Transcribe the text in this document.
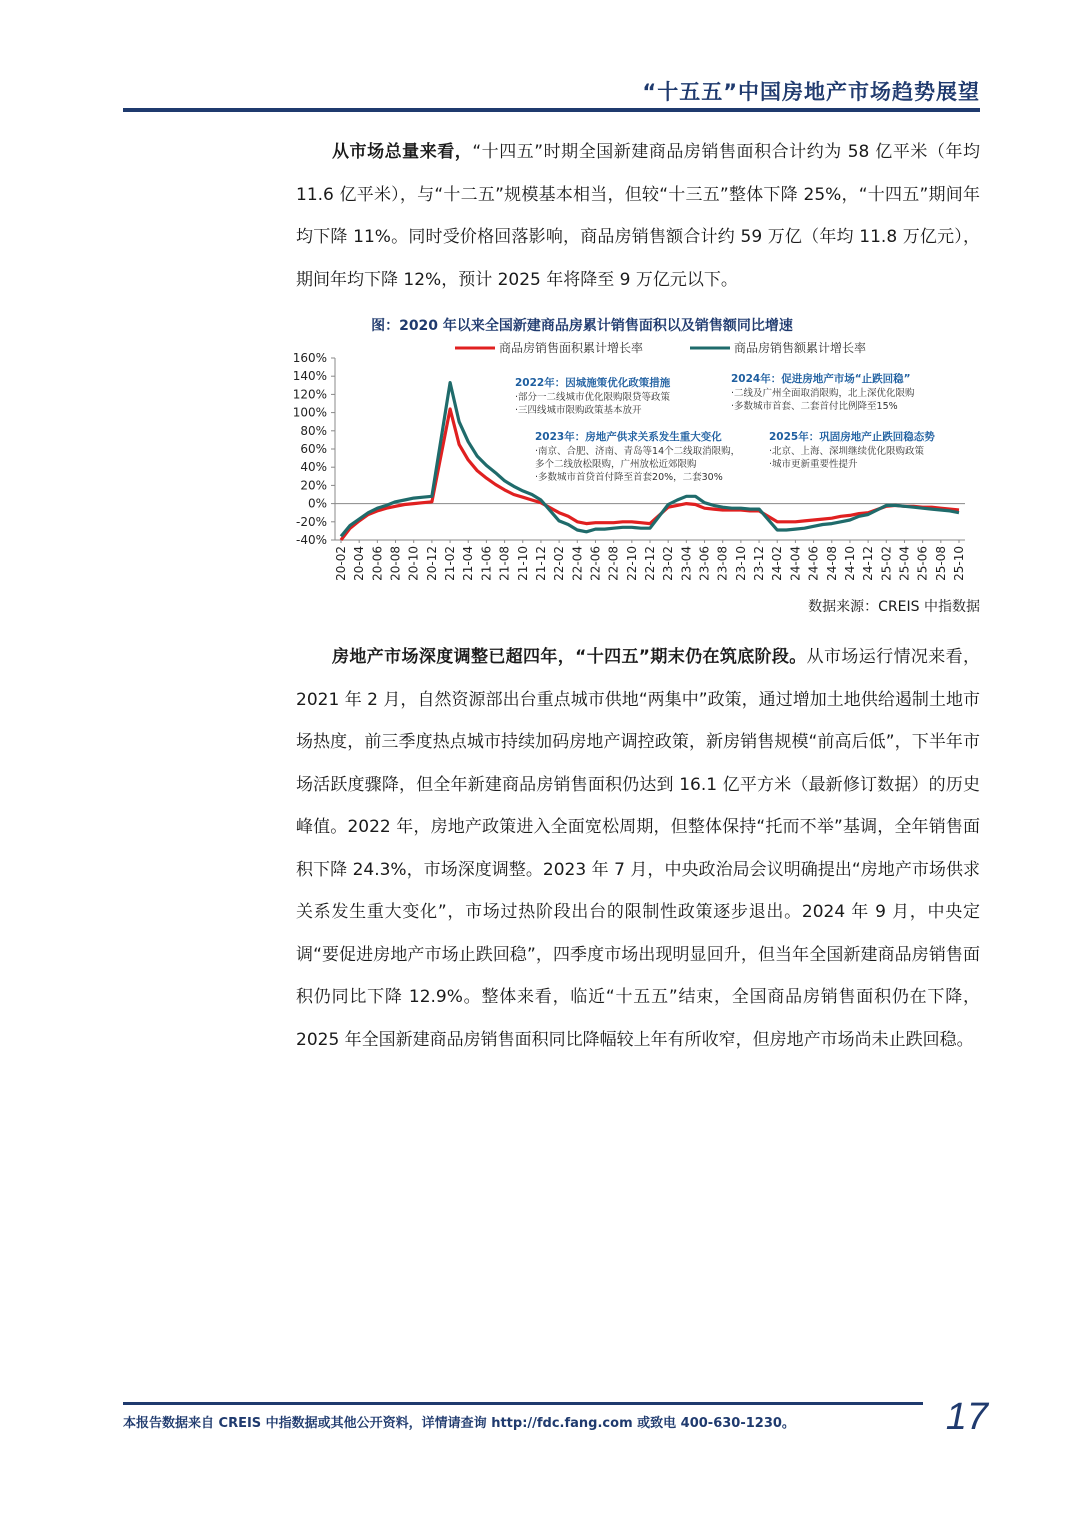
“十五五”中国房地产市场趋势展望
从市场总量来看，“十四五”时期全国新建商品房销售面积合计约为 58 亿平米（年均 11.6 亿平米），与“十二五”规模基本相当，但较“十三五”整体下降 25%，“十四五”期间年均下降 11%。同时受价格回落影响，商品房销售额合计约 59 万亿（年均 11.8 万亿元），期间年均下降 12%，预计 2025 年将降至 9 万亿元以下。
图：2020 年以来全国新建商品房累计销售面积以及销售额同比增速
商品房销售面积累计增长率	商品房销售额累计增长率
160%
140%
120%
100%
80%
60%
40%
20%
0%
-20%
-40%
2022年：因城施策优化政策措施
·部分一二线城市优化限购限贷等政策
·三四线城市限购政策基本放开
2023年：房地产供求关系发生重大变化
·南京、合肥、济南、青岛等14个二线取消限购，
多个二线放松限购，广州放松近郊限购
·多数城市首贷首付降至首套20%，二套30%
2024年：促进房地产市场“止跌回稳”
·二线及广州全面取消限购，北上深优化限购
·多数城市首套、二套首付比例降至15%
2025年：巩固房地产止跌回稳态势
·北京、上海、深圳继续优化限购政策
·城市更新重要性提升
20-02 20-04 20-06 20-08 20-10 20-12 21-02 21-04 21-06 21-08 21-10 21-12 22-02 22-04 22-06 22-08 22-10 22-12 23-02 23-04 23-06 23-08 23-10 23-12 24-02 24-04 24-06 24-08 24-10 24-12 25-02 25-04 25-06 25-08 25-10
数据来源：CREIS 中指数据
房地产市场深度调整已超四年，“十四五”期末仍在筑底阶段。从市场运行情况来看，2021 年 2 月，自然资源部出台重点城市供地“两集中”政策，通过增加土地供给遏制土地市场热度，前三季度热点城市持续加码房地产调控政策，新房销售规模“前高后低”，下半年市场活跃度骤降，但全年新建商品房销售面积仍达到 16.1 亿平方米（最新修订数据）的历史峰值。2022 年，房地产政策进入全面宽松周期，但整体保持“托而不举”基调，全年销售面积下降 24.3%，市场深度调整。2023 年 7 月，中央政治局会议明确提出“房地产市场供求关系发生重大变化”，市场过热阶段出台的限制性政策逐步退出。2024 年 9 月，中央定调“要促进房地产市场止跌回稳”，四季度市场出现明显回升，但当年全国新建商品房销售面积仍同比下降 12.9%。整体来看，临近“十五五”结束，全国商品房销售面积仍在下降，2025 年全国新建商品房销售面积同比降幅较上年有所收窄，但房地产市场尚未止跌回稳。
本报告数据来自 CREIS 中指数据或其他公开资料，详情请查询 http://fdc.fang.com 或致电 400-630-1230。	17
